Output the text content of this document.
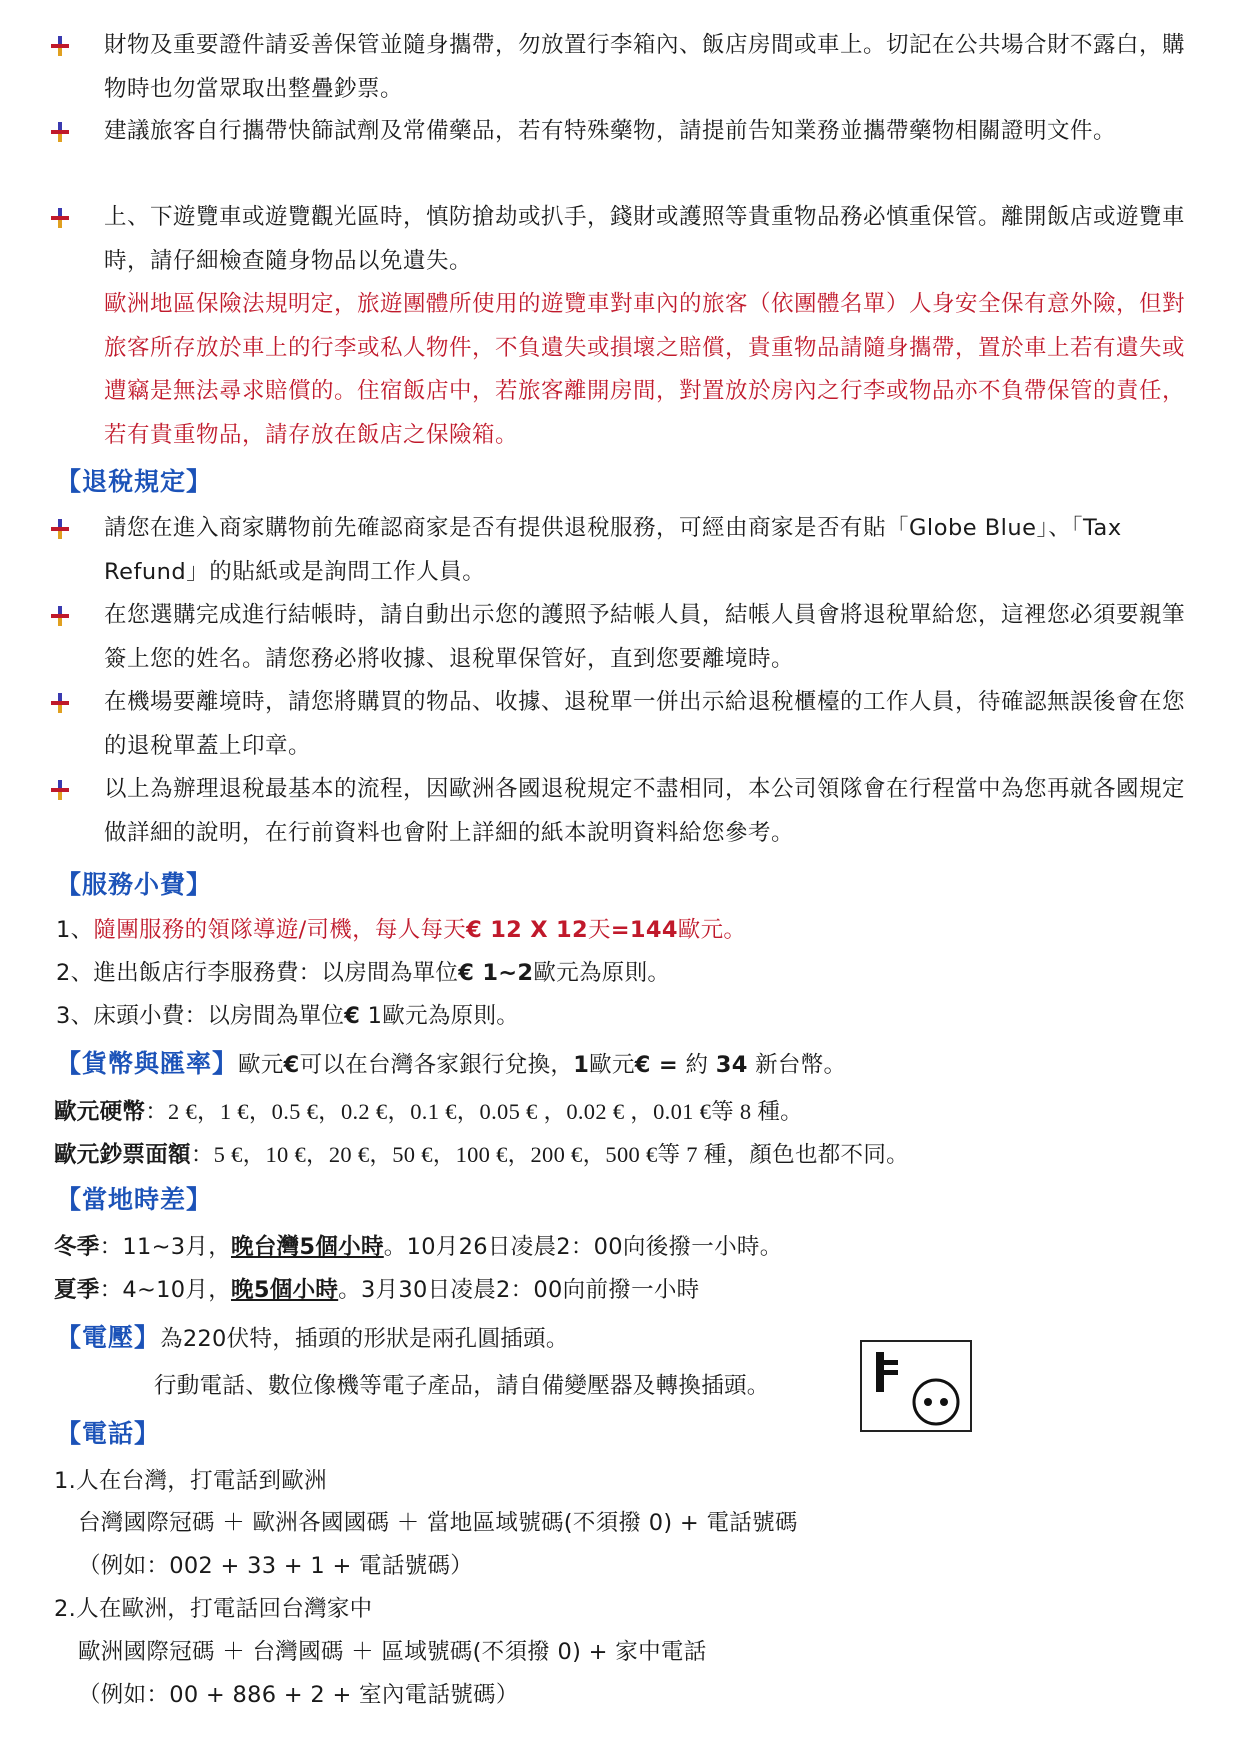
財物及重要證件請妥善保管並隨身攜帶，勿放置行李箱內、飯店房間或車上。切記在公共場合財不露白，購物時也勿當眾取出整疊鈔票。
建議旅客自行攜帶快篩試劑及常備藥品，若有特殊藥物，請提前告知業務並攜帶藥物相關證明文件。
上、下遊覽車或遊覽觀光區時，慎防搶劫或扒手，錢財或護照等貴重物品務必慎重保管。離開飯店或遊覽車時，請仔細檢查隨身物品以免遺失。
歐洲地區保險法規明定，旅遊團體所使用的遊覽車對車內的旅客（依團體名單）人身安全保有意外險，但對旅客所存放於車上的行李或私人物件，不負遺失或損壞之賠償，貴重物品請隨身攜帶，置於車上若有遺失或遭竊是無法尋求賠償的。住宿飯店中，若旅客離開房間，對置放於房內之行李或物品亦不負帶保管的責任，若有貴重物品，請存放在飯店之保險箱。
【退稅規定】
請您在進入商家購物前先確認商家是否有提供退稅服務，可經由商家是否有貼「Globe Blue」、「Tax Refund」的貼紙或是詢問工作人員。
在您選購完成進行結帳時，請自動出示您的護照予結帳人員，結帳人員會將退稅單給您，這裡您必須要親筆簽上您的姓名。請您務必將收據、退稅單保管好，直到您要離境時。
在機場要離境時，請您將購買的物品、收據、退稅單一併出示給退稅櫃檯的工作人員，待確認無誤後會在您的退稅單蓋上印章。
以上為辦理退稅最基本的流程，因歐洲各國退稅規定不盡相同，本公司領隊會在行程當中為您再就各國規定做詳細的說明，在行前資料也會附上詳細的紙本說明資料給您參考。
【服務小費】
1、隨團服務的領隊導遊/司機，每人每天€ 12 X 12天=144歐元。
2、進出飯店行李服務費：以房間為單位€ 1~2歐元為原則。
3、床頭小費：以房間為單位€ 1歐元為原則。
【貨幣與匯率】歐元€可以在台灣各家銀行兌換，1歐元€ = 約 34 新台幣。
歐元硬幣：2 €，1 €，0.5 €，0.2 €，0.1 €，0.05 € ，0.02 € ，0.01 €等 8 種。
歐元鈔票面額：5 €，10 €，20 €，50 €，100 €，200 €，500 €等 7 種，顏色也都不同。
【當地時差】
冬季：11~3月，晚台灣5個小時。10月26日凌晨2：00向後撥一小時。
夏季：4~10月，晚5個小時。3月30日凌晨2：00向前撥一小時
【電壓】為220伏特，插頭的形狀是兩孔圓插頭。
行動電話、數位像機等電子產品，請自備變壓器及轉換插頭。
【電話】
1.人在台灣，打電話到歐洲
台灣國際冠碼 ＋ 歐洲各國國碼 ＋ 當地區域號碼(不須撥 0) + 電話號碼
（例如：002 + 33 + 1 + 電話號碼）
2.人在歐洲，打電話回台灣家中
歐洲國際冠碼 ＋ 台灣國碼 ＋ 區域號碼(不須撥 0) + 家中電話
（例如：00 + 886 + 2 + 室內電話號碼）
